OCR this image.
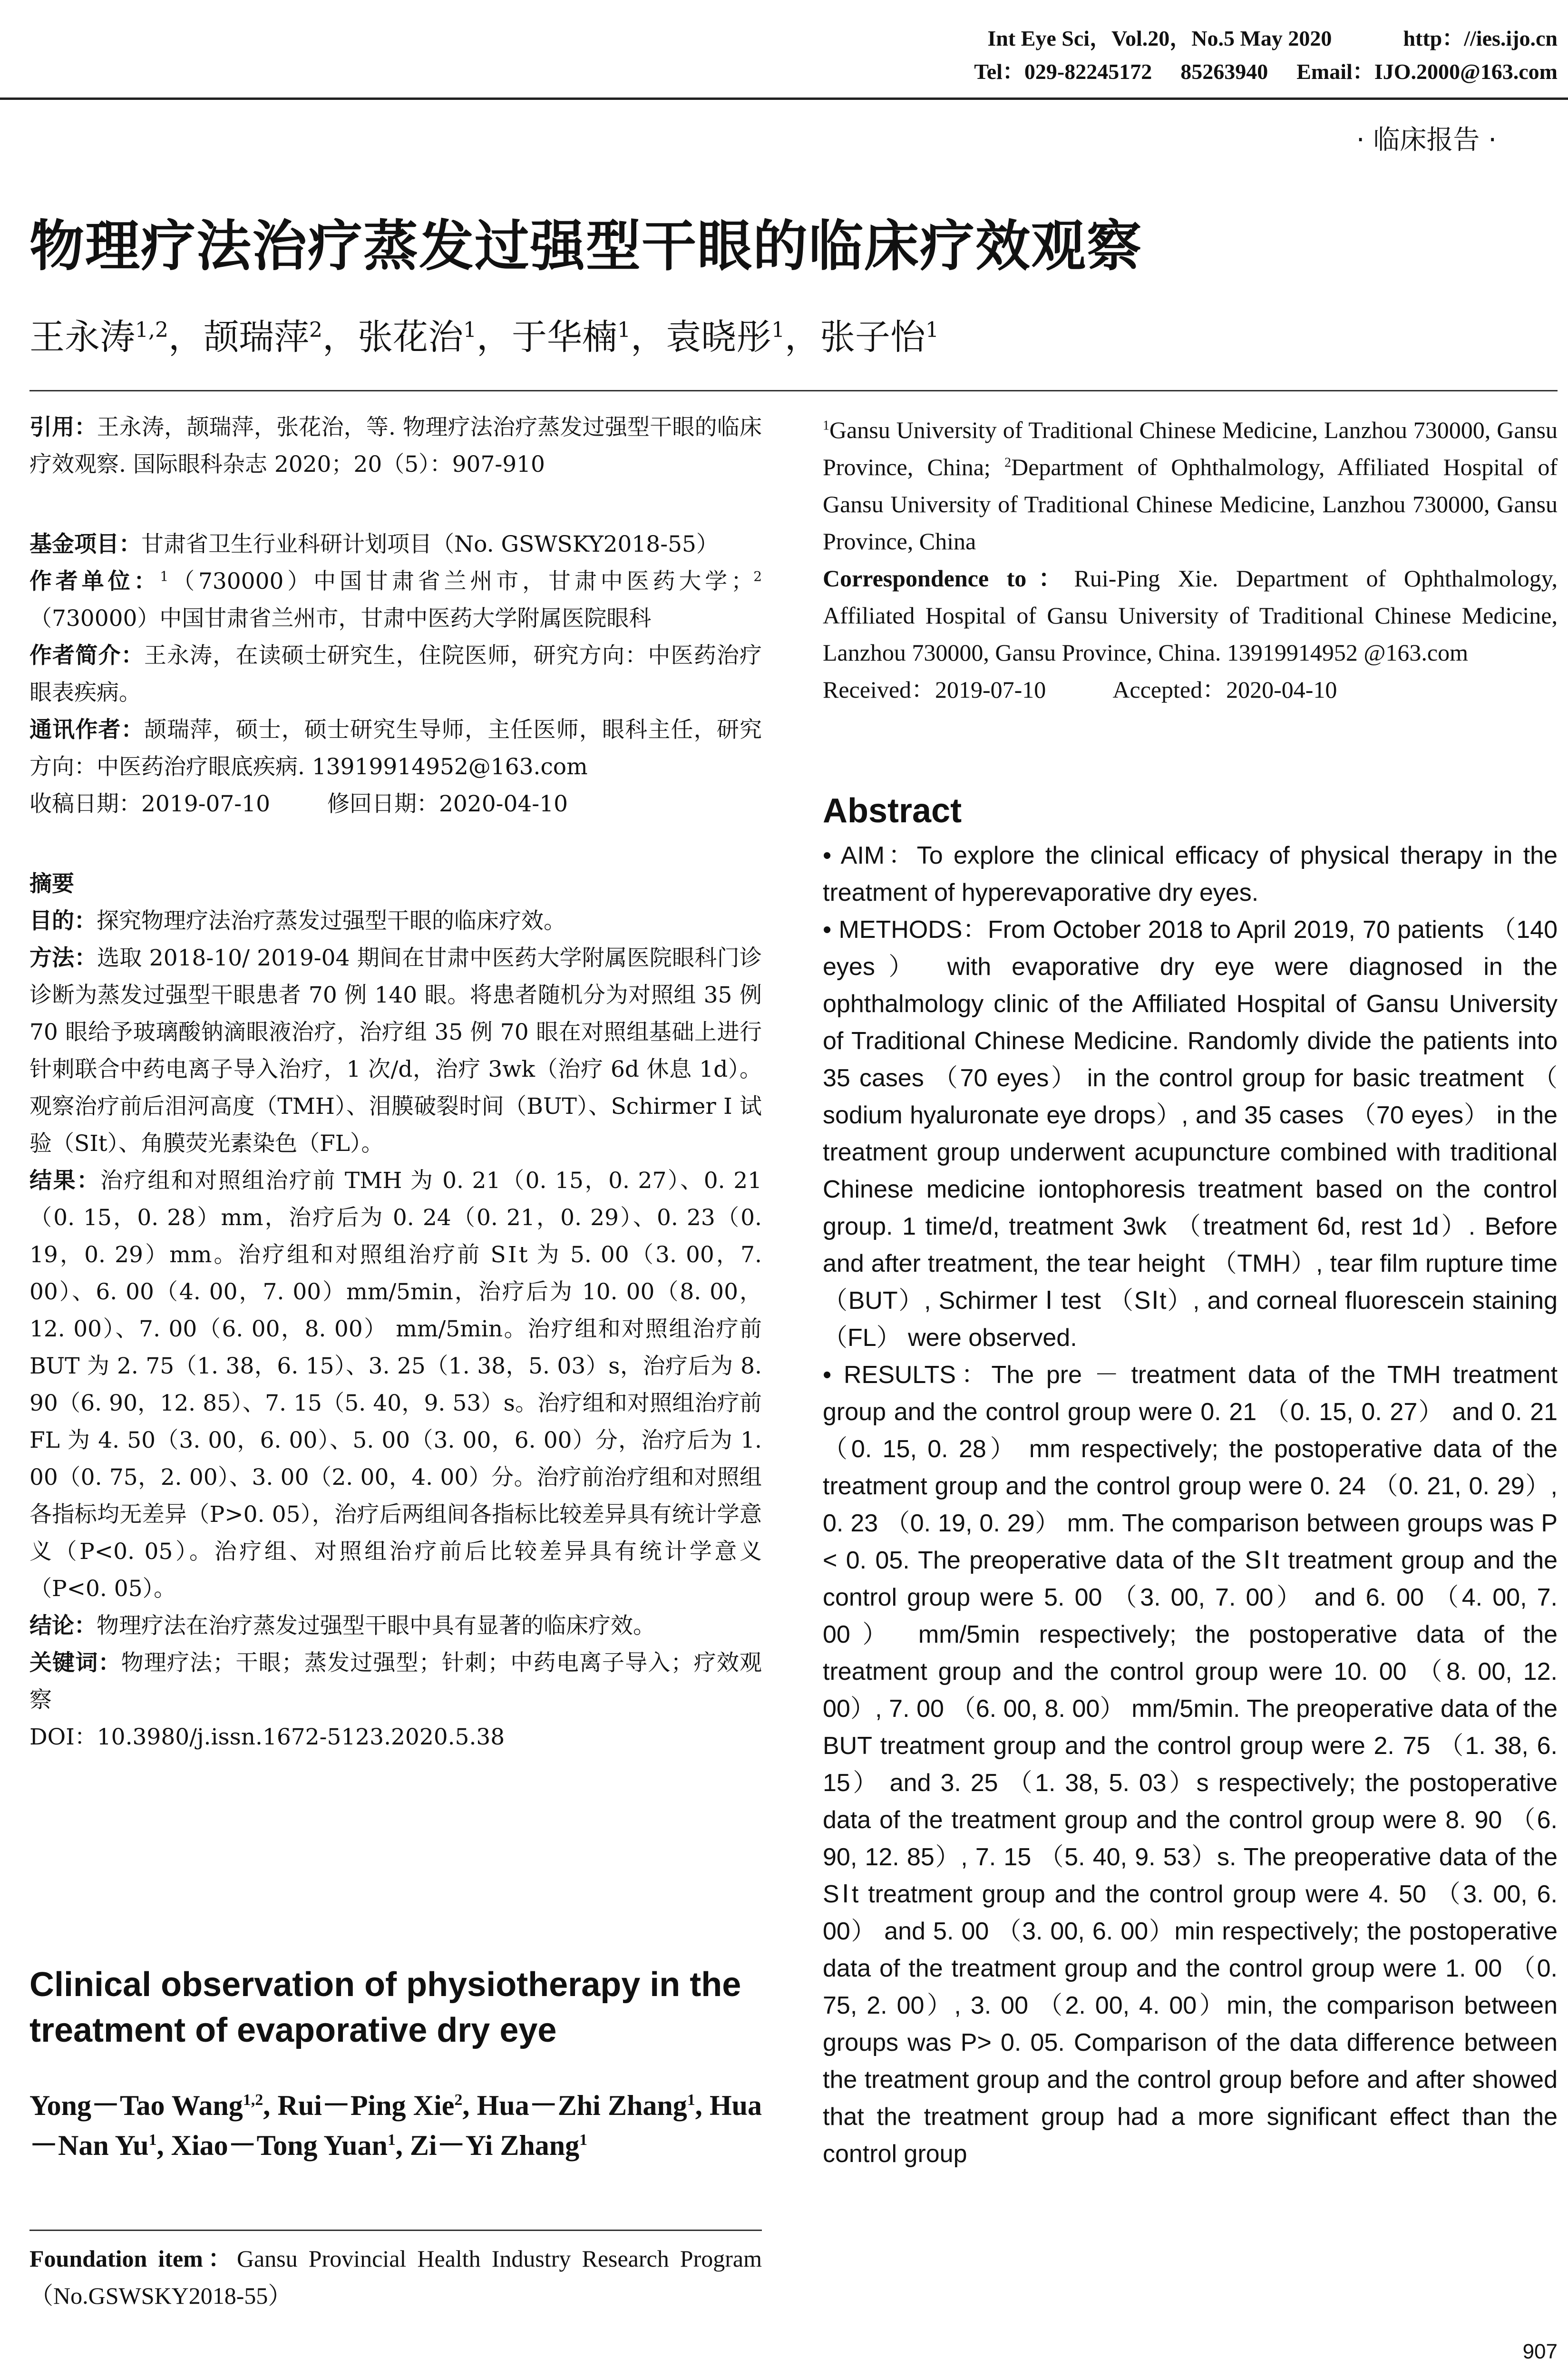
Int Eye Sci，Vol.20，No.5 May 2020	http：//ies.ijo.cn
Tel：029-82245172 85263940 Email：IJO.2000@163.com
· 临床报告 ·
物理疗法治疗蒸发过强型干眼的临床疗效观察
王永涛$^{1,2}$，颉瑞萍$^2$，张花治$^1$，于华楠$^1$，袁晓彤$^1$，张子怡$^1$

引用：王永涛，颉瑞萍，张花治，等. 物理疗法治疗蒸发过强型干眼的临床疗效观察. 国际眼科杂志 2020；20（5）：907-910

基金项目：甘肃省卫生行业科研计划项目（No. GSWSKY2018-55）

作者单位：$^1$（730000）中国甘肃省兰州市，甘肃中医药大学；$^2$（730000）中国甘肃省兰州市，甘肃中医药大学附属医院眼科

作者简介：王永涛，在读硕士研究生，住院医师，研究方向：中医药治疗眼表疾病。

通讯作者：颉瑞萍，硕士，硕士研究生导师，主任医师，眼科主任，研究方向：中医药治疗眼底疾病. 13919914952@163.com

收稿日期：2019-07-10	修回日期：2020-04-10

摘要

目的：探究物理疗法治疗蒸发过强型干眼的临床疗效。

方法：选取 2018-10/ 2019-04 期间在甘肃中医药大学附属医院眼科门诊诊断为蒸发过强型干眼患者 70 例 140 眼。将患者随机分为对照组 35 例 70 眼给予玻璃酸钠滴眼液治疗，治疗组 35 例 70 眼在对照组基础上进行针刺联合中药电离子导入治疗，1 次/d，治疗 3wk（治疗 6d 休息 1d）。观察治疗前后泪河高度（TMH）、泪膜破裂时间（BUT）、Schirmer I 试验（SⅠt）、角膜荧光素染色（FL）。

结果：治疗组和对照组治疗前 TMH 为 0. 21（0. 15，0. 27）、0. 21（0. 15，0. 28）mm，治疗后为 0. 24（0. 21，0. 29）、0. 23（0. 19，0. 29）mm。治疗组和对照组治疗前 SⅠt 为 5. 00（3. 00，7. 00）、6. 00（4. 00，7. 00）mm/5min，治疗后为 10. 00（8. 00，12. 00）、7. 00（6. 00，8. 00） mm/5min。治疗组和对照组治疗前 BUT 为 2. 75（1. 38，6. 15）、3. 25（1. 38，5. 03）s，治疗后为 8. 90（6. 90，12. 85）、7. 15（5. 40，9. 53）s。治疗组和对照组治疗前 FL 为 4. 50（3. 00，6. 00）、5. 00（3. 00，6. 00）分，治疗后为 1. 00（0. 75，2. 00）、3. 00（2. 00，4. 00）分。治疗前治疗组和对照组各指标均无差异（P>0. 05），治疗后两组间各指标比较差异具有统计学意义（P<0. 05）。治疗组、对照组治疗前后比较差异具有统计学意义（P<0. 05）。

结论：物理疗法在治疗蒸发过强型干眼中具有显著的临床疗效。

关键词：物理疗法；干眼；蒸发过强型；针刺；中药电离子导入；疗效观察

DOI：10.3980/j.issn.1672-5123.2020.5.38

Clinical observation of physiotherapy in the treatment of evaporative dry eye
Yong－Tao Wang$^{1,2}$, Rui－Ping Xie$^2$, Hua－Zhi Zhang$^1$, Hua－Nan Yu$^1$, Xiao－Tong Yuan$^1$, Zi－Yi Zhang$^1$
Foundation item：Gansu Provincial Health Industry Research Program（No.GSWSKY2018-55）

$^1$Gansu University of Traditional Chinese Medicine, Lanzhou 730000, Gansu Province, China; $^2$Department of Ophthalmology, Affiliated Hospital of Gansu University of Traditional Chinese Medicine, Lanzhou 730000, Gansu Province, China

Correspondence to：Rui-Ping Xie. Department of Ophthalmology, Affiliated Hospital of Gansu University of Traditional Chinese Medicine, Lanzhou 730000, Gansu Province, China. 13919914952 @163.com

Received：2019-07-10	Accepted：2020-04-10

Abstract

• AIM：To explore the clinical efficacy of physical therapy in the treatment of hyperevaporative dry eyes.

• METHODS：From October 2018 to April 2019, 70 patients （140 eyes） with evaporative dry eye were diagnosed in the ophthalmology clinic of the Affiliated Hospital of Gansu University of Traditional Chinese Medicine. Randomly divide the patients into 35 cases （70 eyes） in the control group for basic treatment （ sodium hyaluronate eye drops）, and 35 cases （70 eyes） in the treatment group underwent acupuncture combined with traditional Chinese medicine iontophoresis treatment based on the control group. 1 time/d, treatment 3wk （treatment 6d, rest 1d）. Before and after treatment, the tear height （TMH）, tear film rupture time （BUT）, Schirmer Ⅰ test （SⅠt）, and corneal fluorescein staining （FL） were observed.

• RESULTS：The pre － treatment data of the TMH treatment group and the control group were 0. 21 （0. 15, 0. 27） and 0. 21 （0. 15, 0. 28） mm respectively; the postoperative data of the treatment group and the control group were 0. 24 （0. 21, 0. 29）, 0. 23 （0. 19, 0. 29） mm. The comparison between groups was P < 0. 05. The preoperative data of the SⅠt treatment group and the control group were 5. 00 （3. 00, 7. 00） and 6. 00 （4. 00, 7. 00） mm/5min respectively; the postoperative data of the treatment group and the control group were 10. 00 （8. 00, 12. 00）, 7. 00 （6. 00, 8. 00） mm/5min. The preoperative data of the BUT treatment group and the control group were 2. 75 （1. 38, 6. 15） and 3. 25 （1. 38, 5. 03）s respectively; the postoperative data of the treatment group and the control group were 8. 90 （6. 90, 12. 85）, 7. 15 （5. 40, 9. 53）s. The preoperative data of the SⅠt treatment group and the control group were 4. 50 （3. 00, 6. 00） and 5. 00 （3. 00, 6. 00）min respectively; the postoperative data of the treatment group and the control group were 1. 00 （0. 75, 2. 00）, 3. 00 （2. 00, 4. 00）min, the comparison between groups was P> 0. 05. Comparison of the data difference between the treatment group and the control group before and after showed that the treatment group had a more significant effect than the control group

907
